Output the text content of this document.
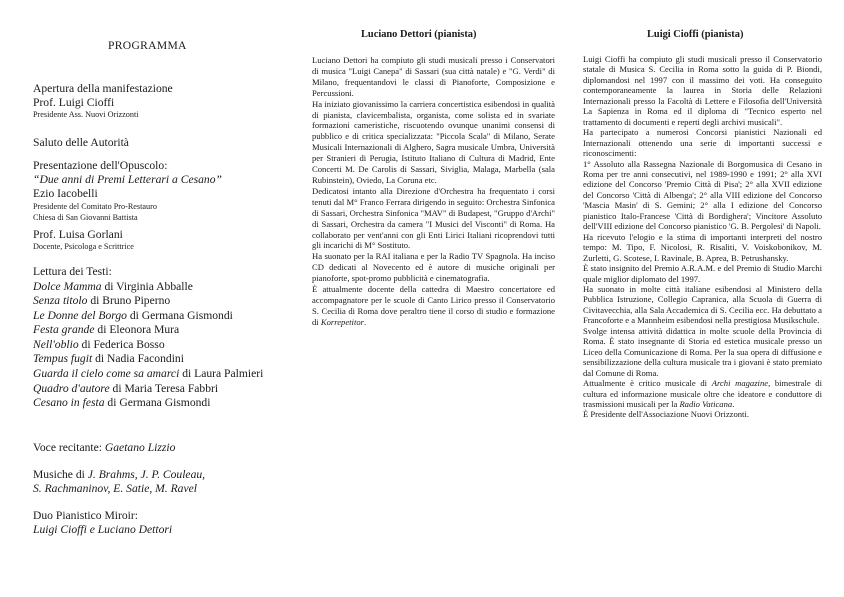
PROGRAMMA
Apertura della manifestazione
Prof. Luigi Cioffi
Presidente Ass. Nuovi Orizzonti
Saluto delle Autorità
Presentazione dell'Opuscolo:
“Due anni di Premi Letterari a Cesano”
Ezio Iacobelli
Presidente del Comitato Pro-Restauro
Chiesa di San Giovanni Battista
Prof. Luisa Gorlani
Docente, Psicologa e Scrittrice
Lettura dei Testi:
Dolce Mamma di Virginia Abballe
Senza titolo di Bruno Piperno
Le Donne del Borgo di Germana Gismondi
Festa grande di Eleonora Mura
Nell'oblio di Federica Bosso
Tempus fugit di Nadia Facondini
Guarda il cielo come sa amarci di Laura Palmieri
Quadro d'autore di Maria Teresa Fabbri
Cesano in festa di Germana Gismondi
Voce recitante: Gaetano Lizzio
Musiche di J. Brahms, J. P. Couleau,
S. Rachmaninov, E. Satie, M. Ravel
Duo Pianistico Miroir:
Luigi Cioffi e Luciano Dettori
Luciano Dettori (pianista)

Luciano Dettori ha compiuto gli studi musicali presso i Conservatori di musica "Luigi Canepa" di Sassari (sua città natale) e "G. Verdi" di Milano, frequentandovi le classi di Pianoforte, Composizione e Percussioni.

Ha iniziato giovanissimo la carriera concertistica esibendosi in qualità di pianista, clavicembalista, organista, come solista ed in svariate formazioni cameristiche, riscuotendo ovunque unanimi consensi di pubblico e di critica specializzata: "Piccola Scala" di Milano, Serate Musicali Internazionali di Alghero, Sagra musicale Umbra, Università per Stranieri di Perugia, Istituto Italiano di Cultura di Madrid, Ente Concerti M. De Carolis di Sassari, Siviglia, Malaga, Marbella (sala Rubinstein), Oviedo, La Coruna etc.

Dedicatosi intanto alla Direzione d'Orchestra ha frequentato i corsi tenuti dal M° Franco Ferrara dirigendo in seguito: Orchestra Sinfonica di Sassari, Orchestra Sinfonica "MAV" di Budapest, "Gruppo d'Archi" di Sassari, Orchestra da camera "I Musici del Visconti" di Roma. Ha collaborato per vent'anni con gli Enti Lirici Italiani ricoprendovi tutti gli incarichi di M° Sostituto.

Ha suonato per la RAI italiana e per la Radio TV Spagnola. Ha inciso CD dedicati al Novecento ed è autore di musiche originali per pianoforte, spot-promo pubblicità e cinematografia.

È attualmente docente della cattedra di Maestro concertatore ed accompagnatore per le scuole di Canto Lirico presso il Conservatorio S. Cecilia di Roma dove peraltro tiene il corso di studio e formazione di Korrepetitor.

Luigi Cioffi (pianista)

Luigi Cioffi ha compiuto gli studi musicali presso il Conservatorio statale di Musica S. Cecilia in Roma sotto la guida di P. Biondi, diplomandosi nel 1997 con il massimo dei voti. Ha conseguito contemporaneamente la laurea in Storia delle Relazioni Internazionali presso la Facoltà di Lettere e Filosofia dell'Università La Sapienza in Roma ed il diploma di "Tecnico esperto nel trattamento di documenti e reperti degli archivi musicali".

Ha partecipato a numerosi Concorsi pianistici Nazionali ed Internazionali ottenendo una serie di importanti successi e riconoscimenti:

1° Assoluto alla Rassegna Nazionale di Borgomusica di Cesano in Roma per tre anni consecutivi, nel 1989-1990 e 1991; 2° alla XVI edizione del Concorso 'Premio Città di Pisa'; 2° alla XVII edizione del Concorso 'Città di Albenga'; 2° alla VIII edizione del Concorso 'Mascia Masin' di S. Gemini; 2° alla I edizione del Concorso pianistico Italo-Francese 'Città di Bordighera'; Vincitore Assoluto dell'VIII edizione del Concorso pianistico 'G. B. Pergolesi' di Napoli.

Ha ricevuto l'elogio e la stima di importanti interpreti del nostro tempo: M. Tipo, F. Nicolosi, R. Risaliti, V. Voiskobonikov, M. Zurletti, G. Scotese, I. Ravinale, B. Aprea, B. Petrushansky.

È stato insignito del Premio A.R.A.M. e del Premio di Studio Marchi quale miglior diplomato del 1997.

Ha suonato in molte città italiane esibendosi al Ministero della Pubblica Istruzione, Collegio Capranica, alla Scuola di Guerra di Civitavecchia, alla Sala Accademica di S. Cecilia ecc. Ha debuttato a Francoforte e a Mannheim esibendosi nella prestigiosa Musikschule.

Svolge intensa attività didattica in molte scuole della Provincia di Roma. È stato insegnante di Storia ed estetica musicale presso un Liceo della Comunicazione di Roma. Per la sua opera di diffusione e sensibilizzazione della cultura musicale tra i giovani è stato premiato dal Comune di Roma.

Attualmente è critico musicale di Archi magazine, bimestrale di cultura ed informazione musicale oltre che ideatore e conduttore di trasmissioni musicali per la Radio Vaticana.

È Presidente dell'Associazione Nuovi Orizzonti.
